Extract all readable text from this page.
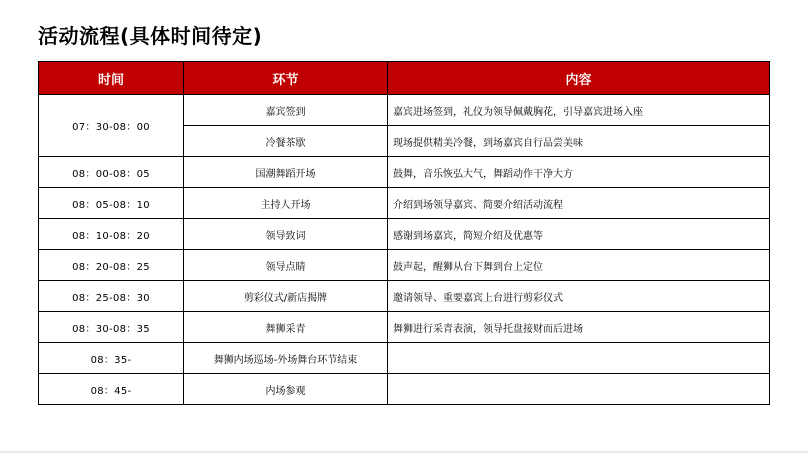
活动流程(具体时间待定)
时间	环节	内容
07：30-08：00	嘉宾签到	嘉宾进场签到，礼仪为领导佩戴胸花，引导嘉宾进场入座
	冷餐茶歇	现场提供精美冷餐，到场嘉宾自行品尝美味
08：00-08：05	国潮舞蹈开场	鼓舞，音乐恢弘大气，舞蹈动作干净大方
08：05-08：10	主持人开场	介绍到场领导嘉宾、简要介绍活动流程
08：10-08：20	领导致词	感谢到场嘉宾，简短介绍及优惠等
08：20-08：25	领导点睛	鼓声起，醒狮从台下舞到台上定位
08：25-08：30	剪彩仪式/新店揭牌	邀请领导、重要嘉宾上台进行剪彩仪式
08：30-08：35	舞狮采青	舞狮进行采青表演，领导托盘接财而后进场
08：35-	舞狮内场巡场-外场舞台环节结束	
08：45-	内场参观	
